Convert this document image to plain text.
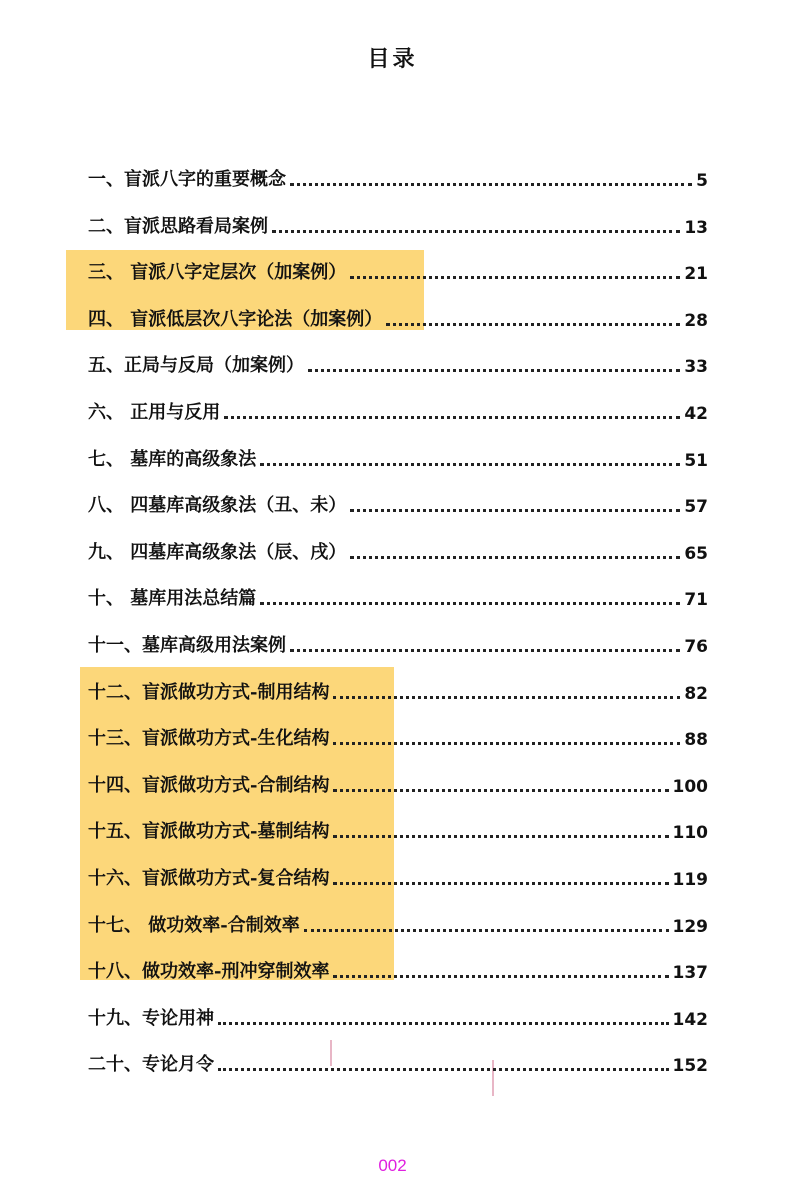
目录
一、盲派八字的重要概念	5
二、盲派思路看局案例	13
三、 盲派八字定层次（加案例）	21
四、 盲派低层次八字论法（加案例）	28
五、正局与反局（加案例）	33
六、 正用与反用	42
七、 墓库的高级象法	51
八、 四墓库高级象法（丑、未）	57
九、 四墓库高级象法（辰、戌）	65
十、 墓库用法总结篇	71
十一、墓库高级用法案例	76
十二、盲派做功方式-制用结构	82
十三、盲派做功方式-生化结构	88
十四、盲派做功方式-合制结构	100
十五、盲派做功方式-墓制结构	110
十六、盲派做功方式-复合结构	119
十七、 做功效率-合制效率	129
十八、做功效率-刑冲穿制效率	137
十九、专论用神	142
二十、专论月令	152
002
